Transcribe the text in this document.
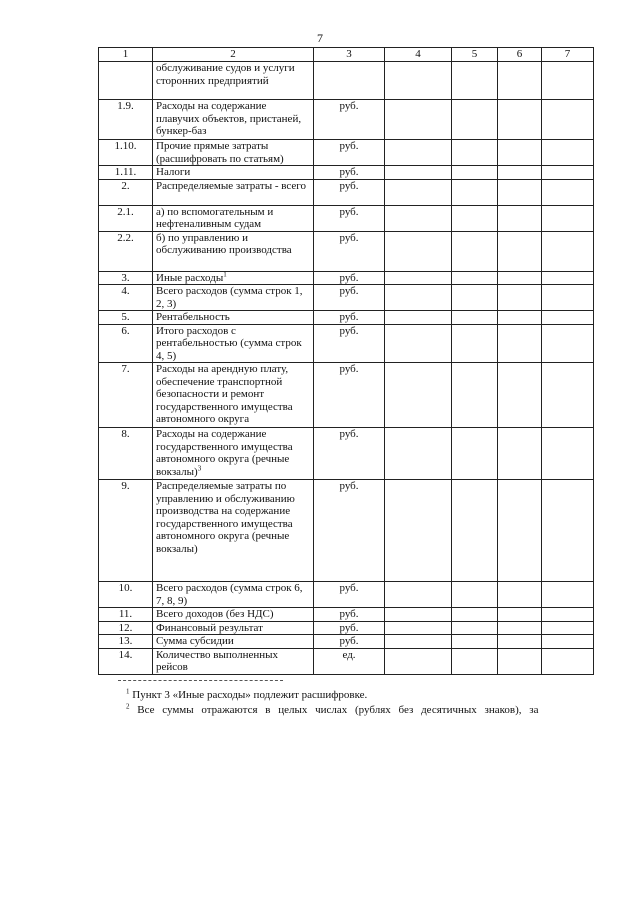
7
1	2	3	4	5	6	7
	обслуживание судов и услуги сторонних предприятий					
1.9.	Расходы на содержание плавучих объектов, пристаней, бункер-баз	руб.				
1.10.	Прочие прямые затраты (расшифровать по статьям)	руб.				
1.11.	Налоги	руб.				
2.	Распределяемые затраты - всего	руб.				
2.1.	а) по вспомогательным и нефтеналивным судам	руб.				
2.2.	б) по управлению и обслуживанию производства	руб.				
3.	Иные расходы$^1$	руб.				
4.	Всего расходов (сумма строк 1, 2, 3)	руб.				
5.	Рентабельность	руб.				
6.	Итого расходов с рентабельностью (сумма строк 4, 5)	руб.				
7.	Расходы на арендную плату, обеспечение транспортной безопасности и ремонт государственного имущества автономного округа	руб.				
8.	Расходы на содержание государственного имущества автономного округа (речные вокзалы)$^3$	руб.				
9.	Распределяемые затраты по управлению и обслуживанию производства на содержание государственного имущества автономного округа (речные вокзалы)	руб.				
10.	Всего расходов (сумма строк 6, 7, 8, 9)	руб.				
11.	Всего доходов (без НДС)	руб.				
12.	Финансовый результат	руб.				
13.	Сумма субсидии	руб.				
14.	Количество выполненных рейсов	ед.				
$^1$ Пункт 3 «Иные расходы» подлежит расшифровке.
$^2$ Все суммы отражаются в целых числах (рублях без десятичных знаков), за
